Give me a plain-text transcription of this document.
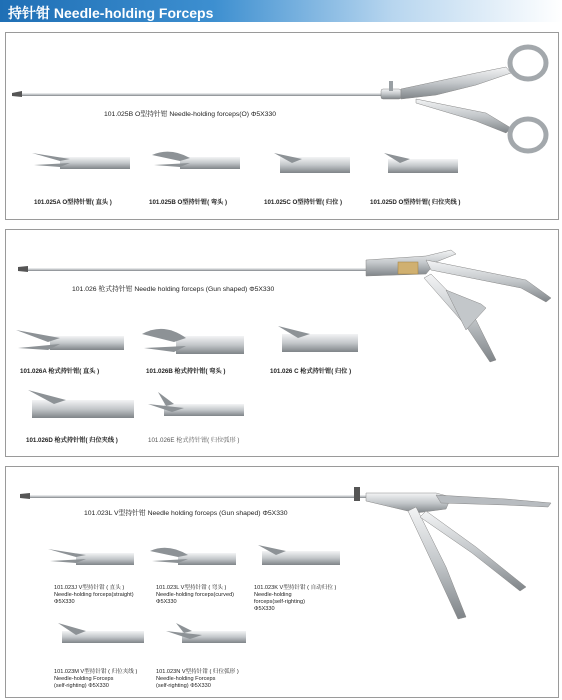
持针钳 Needle-holding Forceps
101.025B O型持针钳 Needle-holding forceps(O) Φ5X330
101.025A O型持针钳( 直头 )	101.025B O型持针钳( 弯头 )	101.025C O型持针钳( 归位 )	101.025D O型持针钳( 归位夹线 )
101.026 枪式持针钳 Needle holding forceps (Gun shaped) Φ5X330
101.026A 枪式持针钳( 直头 )	101.026B 枪式持针钳( 弯头 )	101.026 C 枪式持针钳( 归位 )
101.026D 枪式持针钳( 归位夹线 )	101.026E 枪式持针钳( 归位弧形 )
101.023L V型持针钳 Needle holding forceps (Gun shaped) Φ5X330
101.023J V型持针钳 ( 直头 )
Needle-holding forceps(straight)
Φ5X330
101.023L V型持针钳 ( 弯头 )
Needle-holding forceps(curved)
Φ5X330
101.023K V型持针钳 ( 自动归位 )
Needle-holding
forceps(self-righting)
Φ5X330
101.023M V型持针钳 ( 归位夹线 )
Needle-holding Forceps
(self-righting) Φ5X330
101.023N V型持针钳 ( 归位弧形 )
Needle-holding Forceps
(self-righting) Φ5X330
